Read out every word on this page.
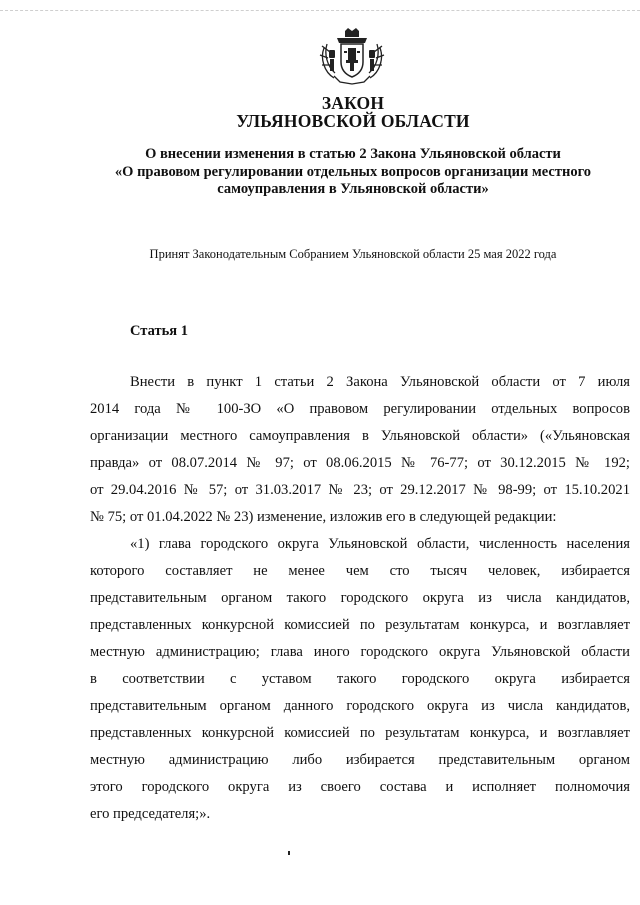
ЗАКОН
УЛЬЯНОВСКОЙ ОБЛАСТИ
О внесении изменения в статью 2 Закона Ульяновской области
«О правовом регулировании отдельных вопросов организации местного
самоуправления в Ульяновской области»
Принят Законодательным Собранием Ульяновской области 25 мая 2022 года
Статья 1
Внести в пункт 1 статьи 2 Закона Ульяновской области от 7 июля
2014 года № 100-ЗО «О правовом регулировании отдельных вопросов
организации местного самоуправления в Ульяновской области» («Ульяновская
правда» от 08.07.2014 № 97; от 08.06.2015 № 76-77; от 30.12.2015 № 192;
от 29.04.2016 № 57; от 31.03.2017 № 23; от 29.12.2017 № 98-99; от 15.10.2021
№ 75; от 01.04.2022 № 23) изменение, изложив его в следующей редакции:
«1) глава городского округа Ульяновской области, численность населения
которого составляет не менее чем сто тысяч человек, избирается
представительным органом такого городского округа из числа кандидатов,
представленных конкурсной комиссией по результатам конкурса, и возглавляет
местную администрацию; глава иного городского округа Ульяновской области
в соответствии с уставом такого городского округа избирается
представительным органом данного городского округа из числа кандидатов,
представленных конкурсной комиссией по результатам конкурса, и возглавляет
местную администрацию либо избирается представительным органом
этого городского округа из своего состава и исполняет полномочия
его председателя;».
